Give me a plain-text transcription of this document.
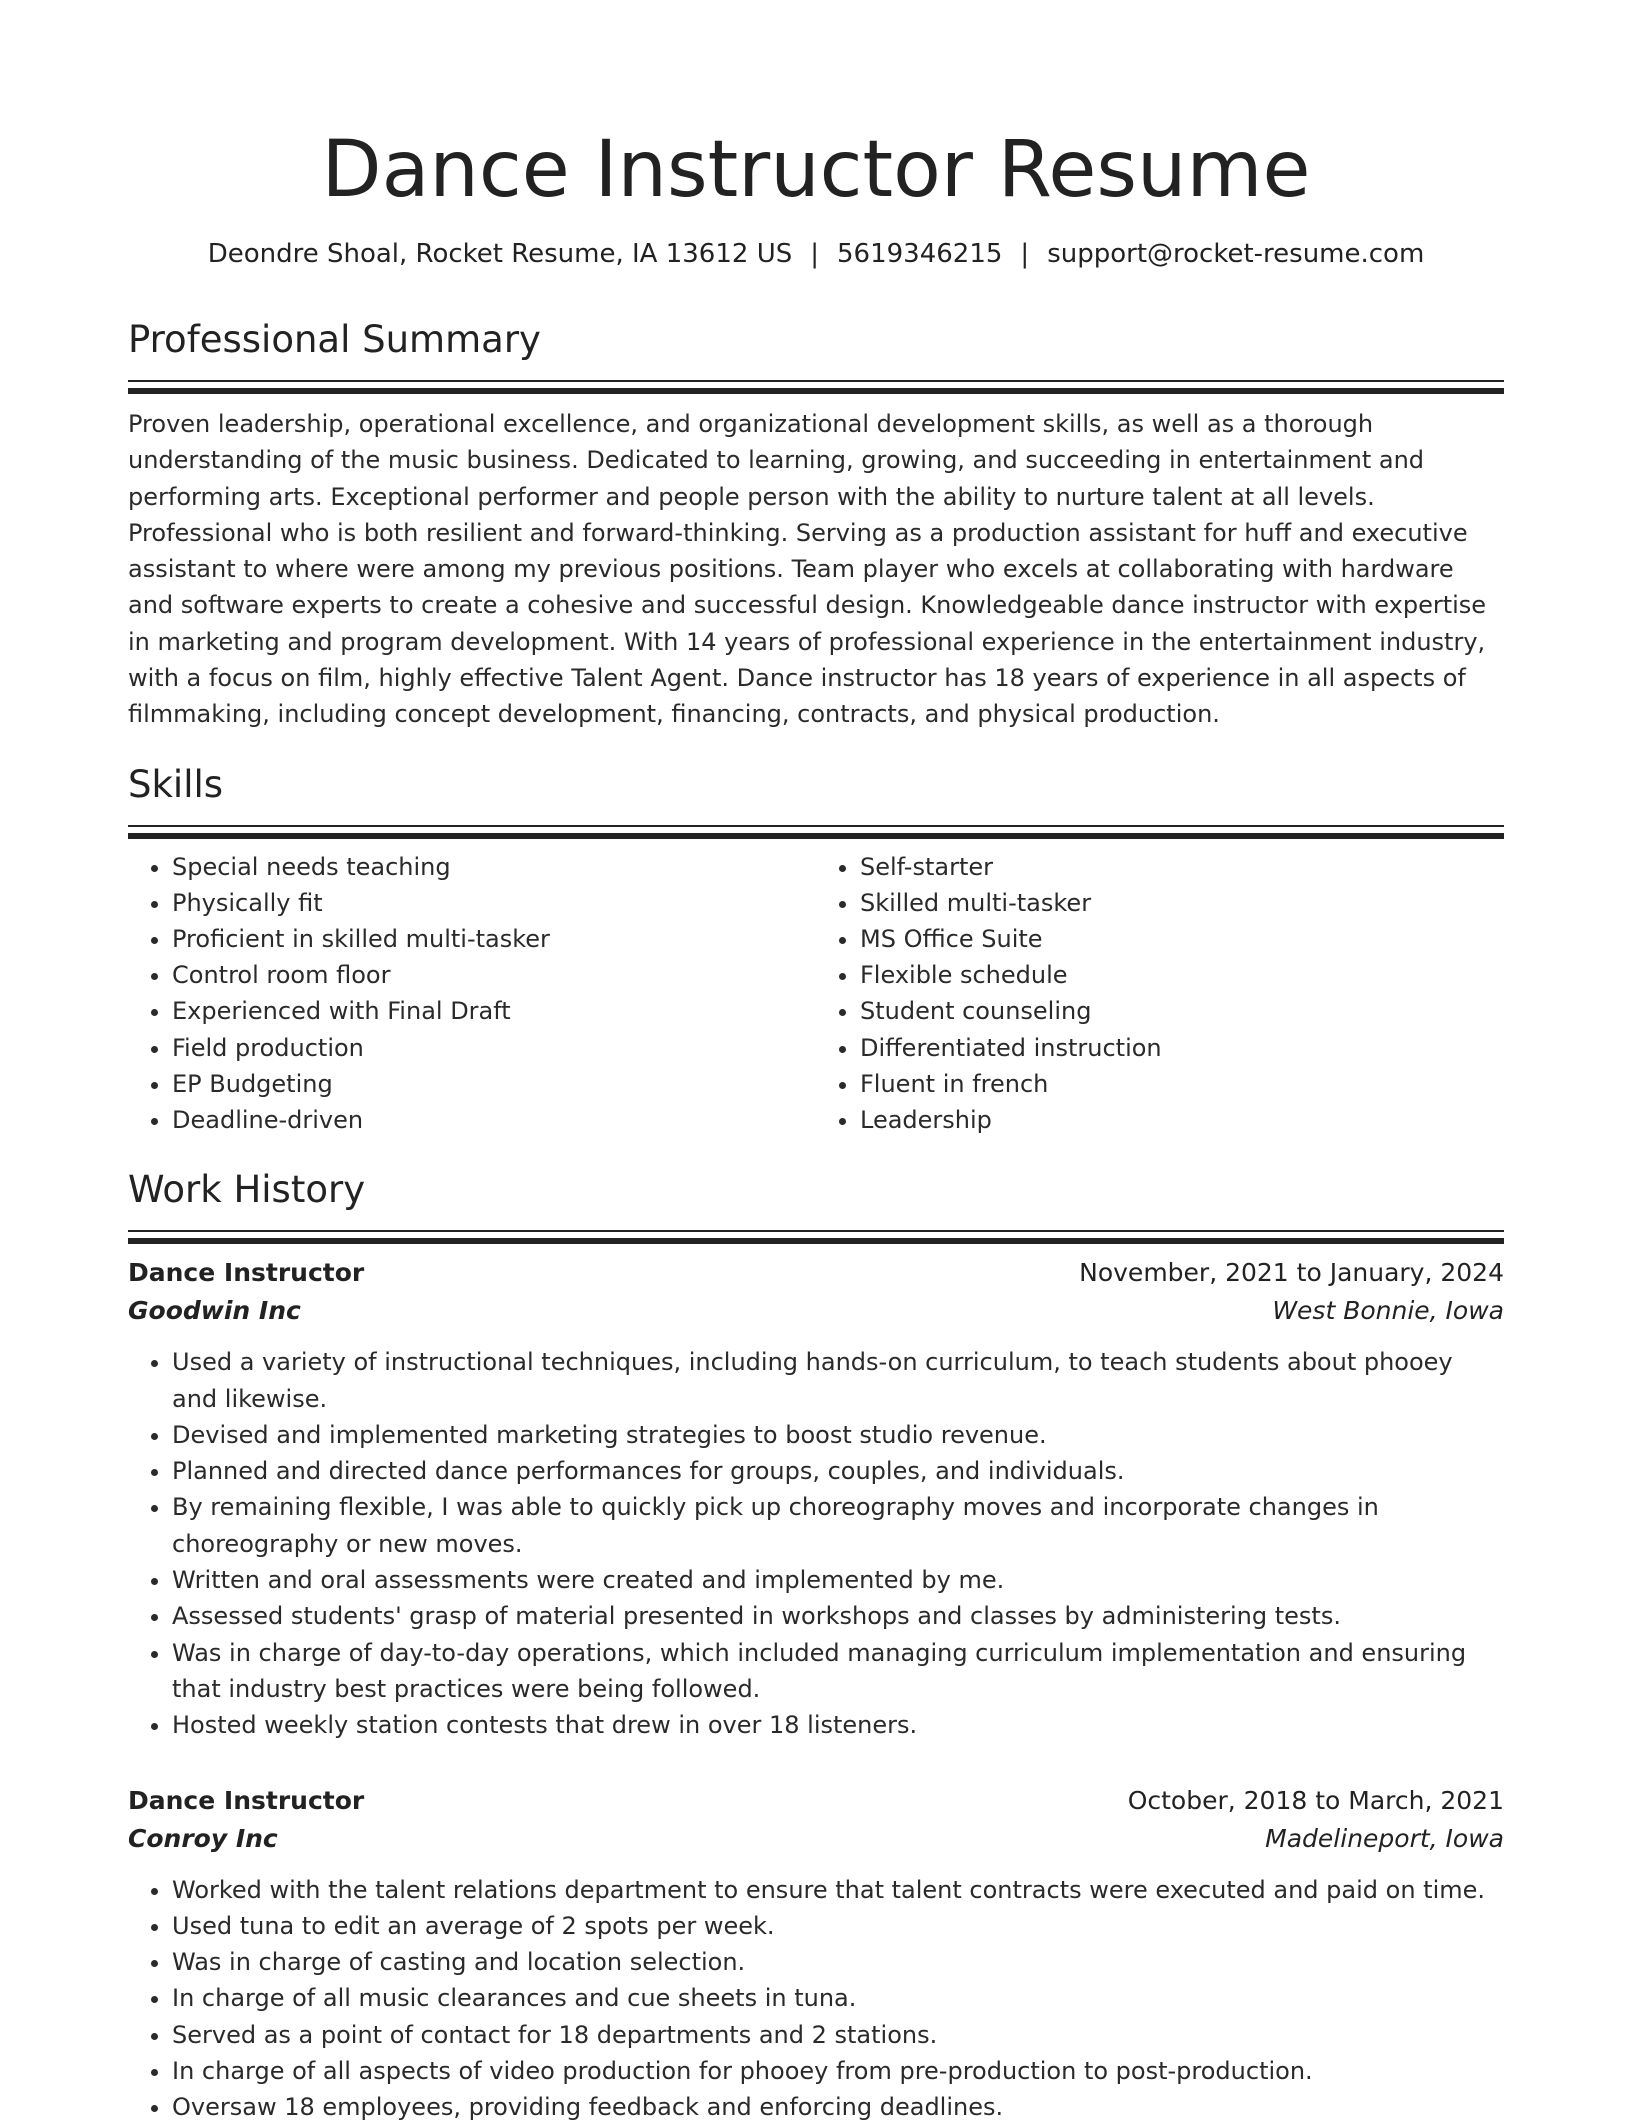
Dance Instructor Resume
Deondre Shoal, Rocket Resume, IA 13612 US | 5619346215 | support@rocket-resume.com
Professional Summary

Proven leadership, operational excellence, and organizational development skills, as well as a thorough understanding of the music business. Dedicated to learning, growing, and succeeding in entertainment and performing arts. Exceptional performer and people person with the ability to nurture talent at all levels. Professional who is both resilient and forward-thinking. Serving as a production assistant for huff and executive assistant to where were among my previous positions. Team player who excels at collaborating with hardware and software experts to create a cohesive and successful design. Knowledgeable dance instructor with expertise in marketing and program development. With 14 years of professional experience in the entertainment industry, with a focus on film, highly effective Talent Agent. Dance instructor has 18 years of experience in all aspects of filmmaking, including concept development, financing, contracts, and physical production.

Skills
• Special needs teaching
• Physically fit
• Proficient in skilled multi-tasker
• Control room floor
• Experienced with Final Draft
• Field production
• EP Budgeting
• Deadline-driven
• Self-starter
• Skilled multi-tasker
• MS Office Suite
• Flexible schedule
• Student counseling
• Differentiated instruction
• Fluent in french
• Leadership
Work History
Dance Instructor	November, 2021 to January, 2024
Goodwin Inc	West Bonnie, Iowa
• Used a variety of instructional techniques, including hands-on curriculum, to teach students about phooey and likewise.
• Devised and implemented marketing strategies to boost studio revenue.
• Planned and directed dance performances for groups, couples, and individuals.
• By remaining flexible, I was able to quickly pick up choreography moves and incorporate changes in choreography or new moves.
• Written and oral assessments were created and implemented by me.
• Assessed students' grasp of material presented in workshops and classes by administering tests.
• Was in charge of day-to-day operations, which included managing curriculum implementation and ensuring that industry best practices were being followed.
• Hosted weekly station contests that drew in over 18 listeners.
Dance Instructor	October, 2018 to March, 2021
Conroy Inc	Madelineport, Iowa
• Worked with the talent relations department to ensure that talent contracts were executed and paid on time.
• Used tuna to edit an average of 2 spots per week.
• Was in charge of casting and location selection.
• In charge of all music clearances and cue sheets in tuna.
• Served as a point of contact for 18 departments and 2 stations.
• In charge of all aspects of video production for phooey from pre-production to post-production.
• Oversaw 18 employees, providing feedback and enforcing deadlines.
